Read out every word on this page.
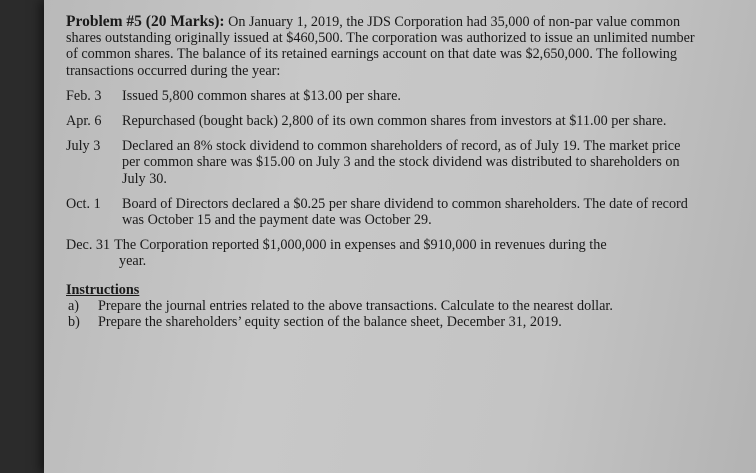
Problem #5 (20 Marks): On January 1, 2019, the JDS Corporation had 35,000 of non-par value common shares outstanding originally issued at $460,500. The corporation was authorized to issue an unlimited number of common shares. The balance of its retained earnings account on that date was $2,650,000. The following transactions occurred during the year:

Feb. 3	Issued 5,800 common shares at $13.00 per share.
Apr. 6	Repurchased (bought back) 2,800 of its own common shares from investors at $11.00 per share.
July 3	Declared an 8% stock dividend to common shareholders of record, as of July 19. The market price per common share was $15.00 on July 3 and the stock dividend was distributed to shareholders on July 30.
Oct. 1	Board of Directors declared a $0.25 per share dividend to common shareholders. The date of record was October 15 and the payment date was October 29.
Dec. 31 The Corporation reported $1,000,000 in expenses and $910,000 in revenues during the
year.
Instructions
a)	Prepare the journal entries related to the above transactions. Calculate to the nearest dollar.
b)	Prepare the shareholders’ equity section of the balance sheet, December 31, 2019.
